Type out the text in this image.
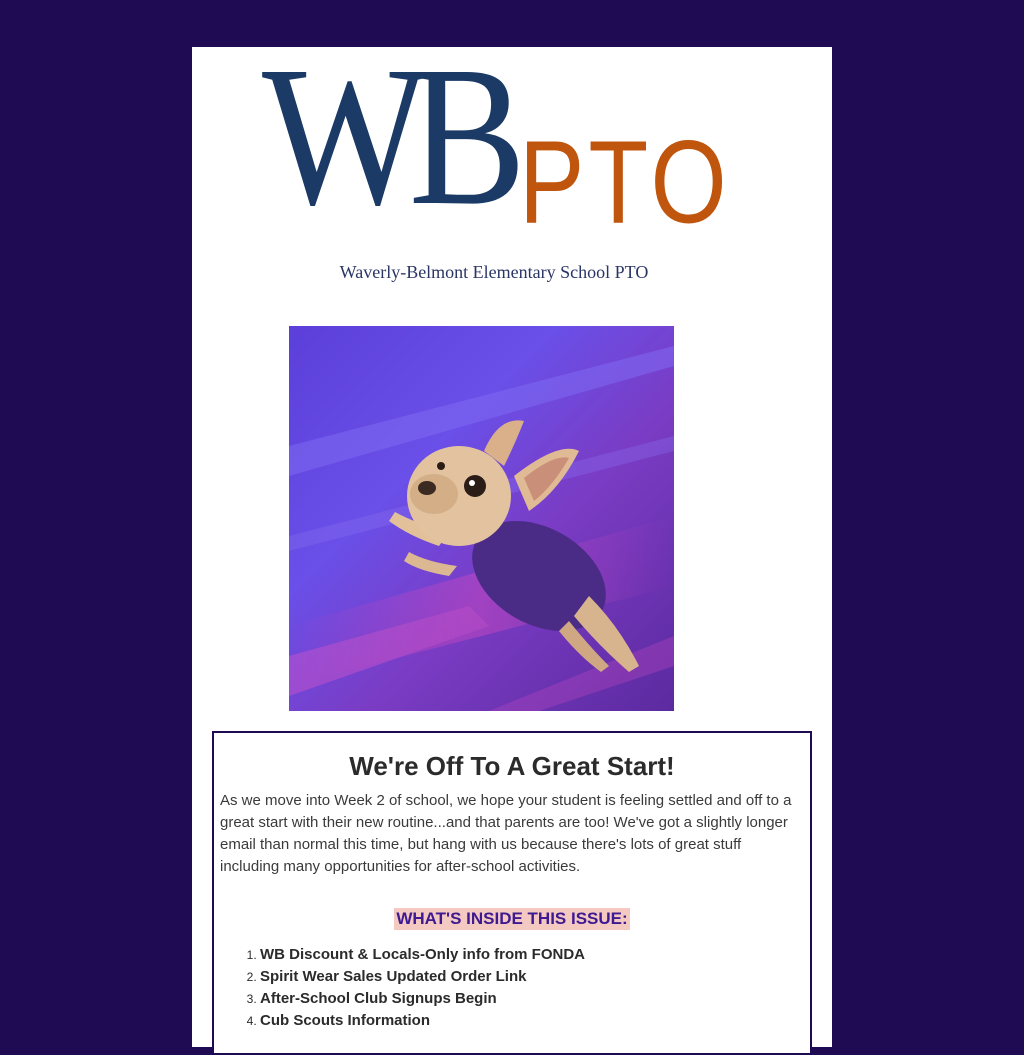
WB PTO
Waverly-Belmont Elementary School PTO
We're Off To A Great Start!

As we move into Week 2 of school, we hope your student is feeling settled and off to a great start with their new routine...and that parents are too! We've got a slightly longer email than normal this time, but hang with us because there's lots of great stuff including many opportunities for after-school activities.

WHAT'S INSIDE THIS ISSUE:
1. WB Discount & Locals-Only info from FONDA
2. Spirit Wear Sales Updated Order Link
3. After-School Club Signups Begin
4. Cub Scouts Information
